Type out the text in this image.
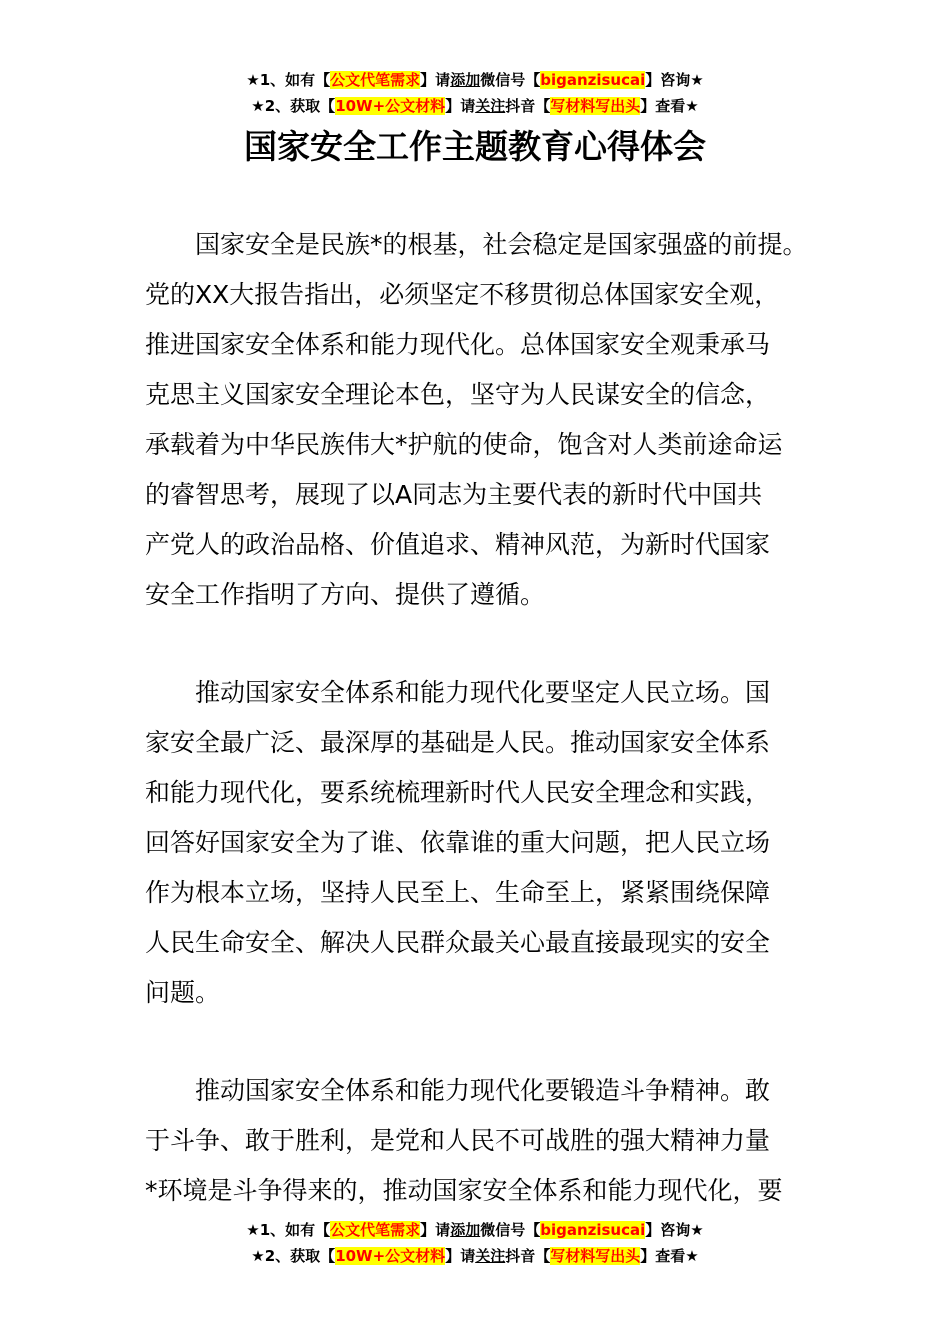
★1、如有【公文代笔需求】请添加微信号【biganzisucai】咨询★
★2、获取【10W+公文材料】请关注抖音【写材料写出头】查看★
国家安全工作主题教育心得体会

　　国家安全是民族*的根基，社会稳定是国家强盛的前提。
党的XX大报告指出，必须坚定不移贯彻总体国家安全观，
推进国家安全体系和能力现代化。总体国家安全观秉承马
克思主义国家安全理论本色，坚守为人民谋安全的信念，
承载着为中华民族伟大*护航的使命，饱含对人类前途命运
的睿智思考，展现了以A同志为主要代表的新时代中国共
产党人的政治品格、价值追求、精神风范，为新时代国家
安全工作指明了方向、提供了遵循。

　　推动国家安全体系和能力现代化要坚定人民立场。国
家安全最广泛、最深厚的基础是人民。推动国家安全体系
和能力现代化，要系统梳理新时代人民安全理念和实践，
回答好国家安全为了谁、依靠谁的重大问题，把人民立场
作为根本立场，坚持人民至上、生命至上，紧紧围绕保障
人民生命安全、解决人民群众最关心最直接最现实的安全
问题。

　　推动国家安全体系和能力现代化要锻造斗争精神。敢
于斗争、敢于胜利，是党和人民不可战胜的强大精神力量
*环境是斗争得来的，推动国家安全体系和能力现代化，要

★1、如有【公文代笔需求】请添加微信号【biganzisucai】咨询★
★2、获取【10W+公文材料】请关注抖音【写材料写出头】查看★
